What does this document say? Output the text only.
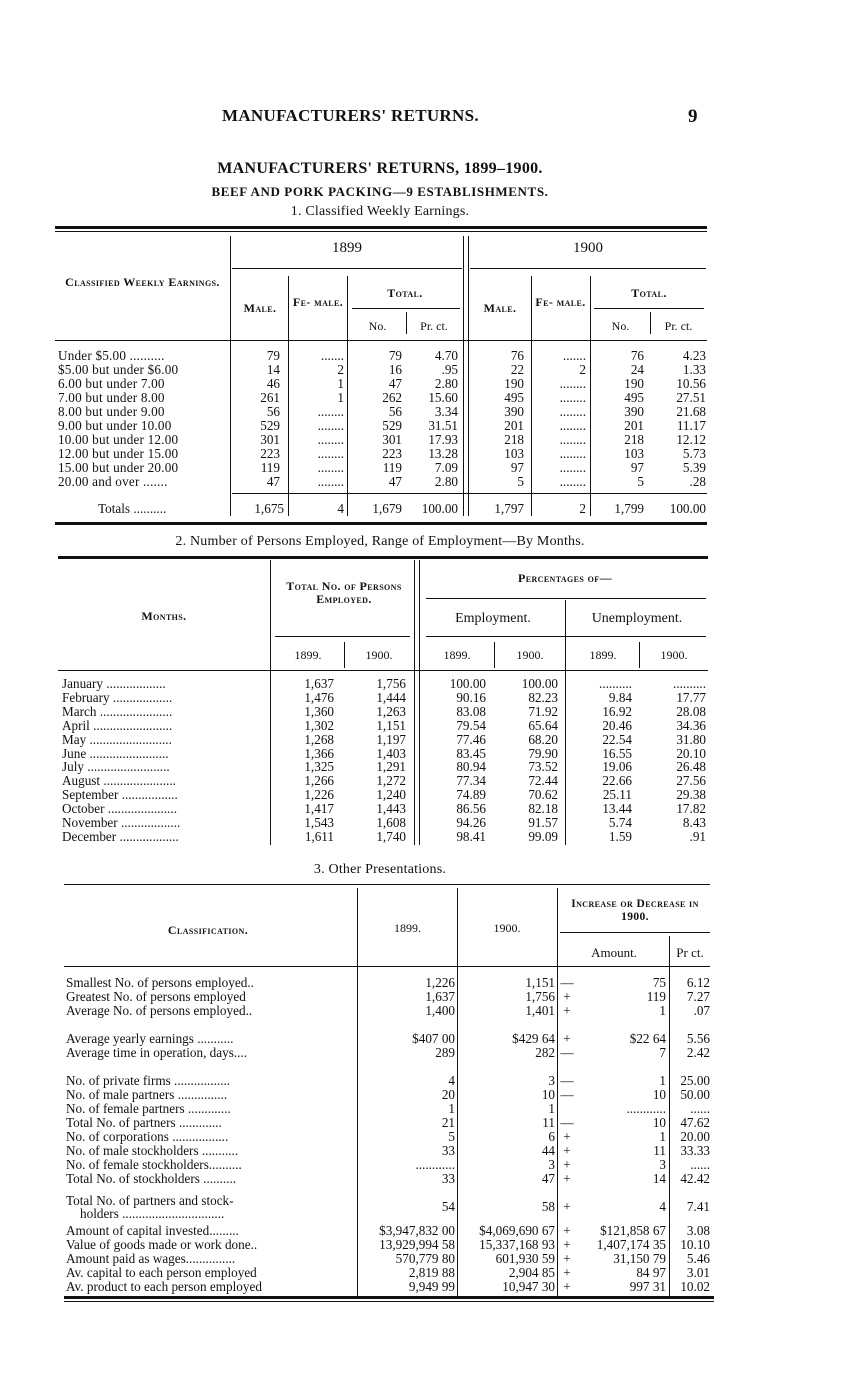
MANUFACTURERS' RETURNS.	9
MANUFACTURERS' RETURNS, 1899–1900.
BEEF AND PORK PACKING—9 ESTABLISHMENTS.
1. Classified Weekly Earnings.
Classified Weekly Earnings.
1899	1900
Male.	Fe- male.
Total.
No.	Pr. ct.
Male.	Fe- male.
Total.
No.	Pr. ct.
Under $5.00 ..........	79	.......	79	4.70	76	.......	76	4.23
$5.00 but under $6.00	14	2	16	.95	22	2	24	1.33
6.00 but under 7.00	46	1	47	2.80	190	........	190	10.56
7.00 but under 8.00	261	1	262	15.60	495	........	495	27.51
8.00 but under 9.00	56	........	56	3.34	390	........	390	21.68
9.00 but under 10.00	529	........	529	31.51	201	........	201	11.17
10.00 but under 12.00	301	........	301	17.93	218	........	218	12.12
12.00 but under 15.00	223	........	223	13.28	103	........	103	5.73
15.00 but under 20.00	119	........	119	7.09	97	........	97	5.39
20.00 and over .......	47	........	47	2.80	5	........	5	.28
Totals ..........	1,675	4	1,679	100.00	1,797	2	1,799	100.00
2. Number of Persons Employed, Range of Employment—By Months.
Months.
Total No. of Persons Employed.
Percentages of—
Employment.	Unemployment.
1899.	1900.	1899.	1900.	1899.	1900.
January ..................	1,637	1,756	100.00	100.00	..........	..........
February ..................	1,476	1,444	90.16	82.23	9.84	17.77
March ......................	1,360	1,263	83.08	71.92	16.92	28.08
April ........................	1,302	1,151	79.54	65.64	20.46	34.36
May .........................	1,268	1,197	77.46	68.20	22.54	31.80
June ........................	1,366	1,403	83.45	79.90	16.55	20.10
July .........................	1,325	1,291	80.94	73.52	19.06	26.48
August ......................	1,266	1,272	77.34	72.44	22.66	27.56
September .................	1,226	1,240	74.89	70.62	25.11	29.38
October .....................	1,417	1,443	86.56	82.18	13.44	17.82
November ..................	1,543	1,608	94.26	91.57	5.74	8.43
December ..................	1,611	1,740	98.41	99.09	1.59	.91
3. Other Presentations.
Classification.	1899.	1900.
Increase or Decrease in 1900.
Amount.	Pr ct.
Smallest No. of persons employed..	1,226	1,151 —	75	6.12
Greatest No. of persons employed	1,637	1,756 +	119	7.27
Average No. of persons employed..	1,400	1,401 +	1	.07
Average yearly earnings ...........	$407 00	$429 64 +	$22 64	5.56
Average time in operation, days....	289	282 —	7	2.42
No. of private firms .................	4	3 —	1	25.00
No. of male partners ...............	20	10 —	10	50.00
No. of female partners .............	1	1	............	......
Total No. of partners .............	21	11 —	10	47.62
No. of corporations .................	5	6 +	1	20.00
No. of male stockholders ...........	33	44 +	11	33.33
No. of female stockholders..........	............	3 +	3	......
Total No. of stockholders ..........	33	47 +	14	42.42
Total No. of partners and stock-
holders ...............................	54	58 +	4	7.41
Amount of capital invested.........	$3,947,832 00	$4,069,690 67 +	$121,858 67	3.08
Value of goods made or work done..	13,929,994 58	15,337,168 93 +	1,407,174 35	10.10
Amount paid as wages...............	570,779 80	601,930 59 +	31,150 79	5.46
Av. capital to each person employed	2,819 88	2,904 85 +	84 97	3.01
Av. product to each person employed	9,949 99	10,947 30 +	997 31	10.02
